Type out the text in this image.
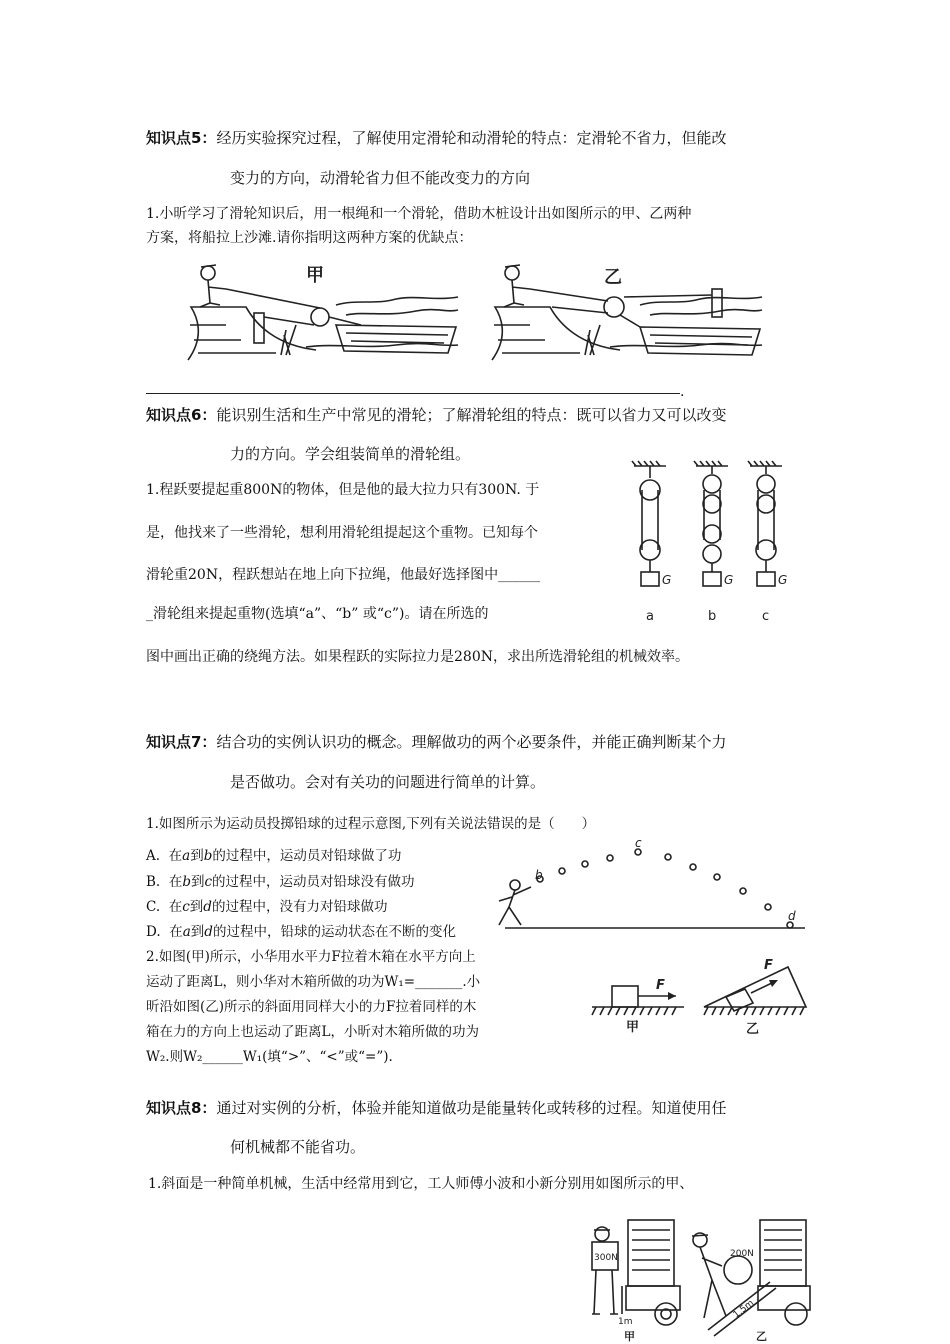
知识点5：经历实验探究过程，了解使用定滑轮和动滑轮的特点：定滑轮不省力，但能改
变力的方向，动滑轮省力但不能改变力的方向
1.小昕学习了滑轮知识后，用一根绳和一个滑轮，借助木桩设计出如图所示的甲、乙两种
方案，将船拉上沙滩.请你指明这两种方案的优缺点：
甲	乙
.
知识点6：能识别生活和生产中常见的滑轮；了解滑轮组的特点：既可以省力又可以改变
力的方向。学会组装简单的滑轮组。
1.程跃要提起重800N的物体，但是他的最大拉力只有300N. 于
是，他找来了一些滑轮，想利用滑轮组提起这个重物。已知每个
滑轮重20N，程跃想站在地上向下拉绳，他最好选择图中______
_滑轮组来提起重物(选填“a”、“b” 或“c”)。请在所选的
图中画出正确的绕绳方法。如果程跃的实际拉力是280N，求出所选滑轮组的机械效率。
G	G	G
a	b	c
知识点7：结合功的实例认识功的概念。理解做功的两个必要条件，并能正确判断某个力
是否做功。会对有关功的问题进行简单的计算。
1.如图所示为运动员投掷铅球的过程示意图,下列有关说法错误的是（　　）
A. 在a到b的过程中，运动员对铅球做了功
B. 在b到c的过程中，运动员对铅球没有做功
C. 在c到d的过程中，没有力对铅球做功
D. 在a到d的过程中，铅球的运动状态在不断的变化
b
c
d
2.如图(甲)所示，小华用水平力F拉着木箱在水平方向上
运动了距离L，则小华对木箱所做的功为W₁=_______.小
昕沿如图(乙)所示的斜面用同样大小的力F拉着同样的木
箱在力的方向上也运动了距离L，小昕对木箱所做的功为
W₂.则W₂______W₁(填“>”、“<”或“=”).
F
甲
F
乙
知识点8：通过对实例的分析，体验并能知道做功是能量转化或转移的过程。知道使用任
何机械都不能省功。
1.斜面是一种简单机械，生活中经常用到它，工人师傅小波和小新分别用如图所示的甲、
300N
1m
甲
200N
1.5m
乙
